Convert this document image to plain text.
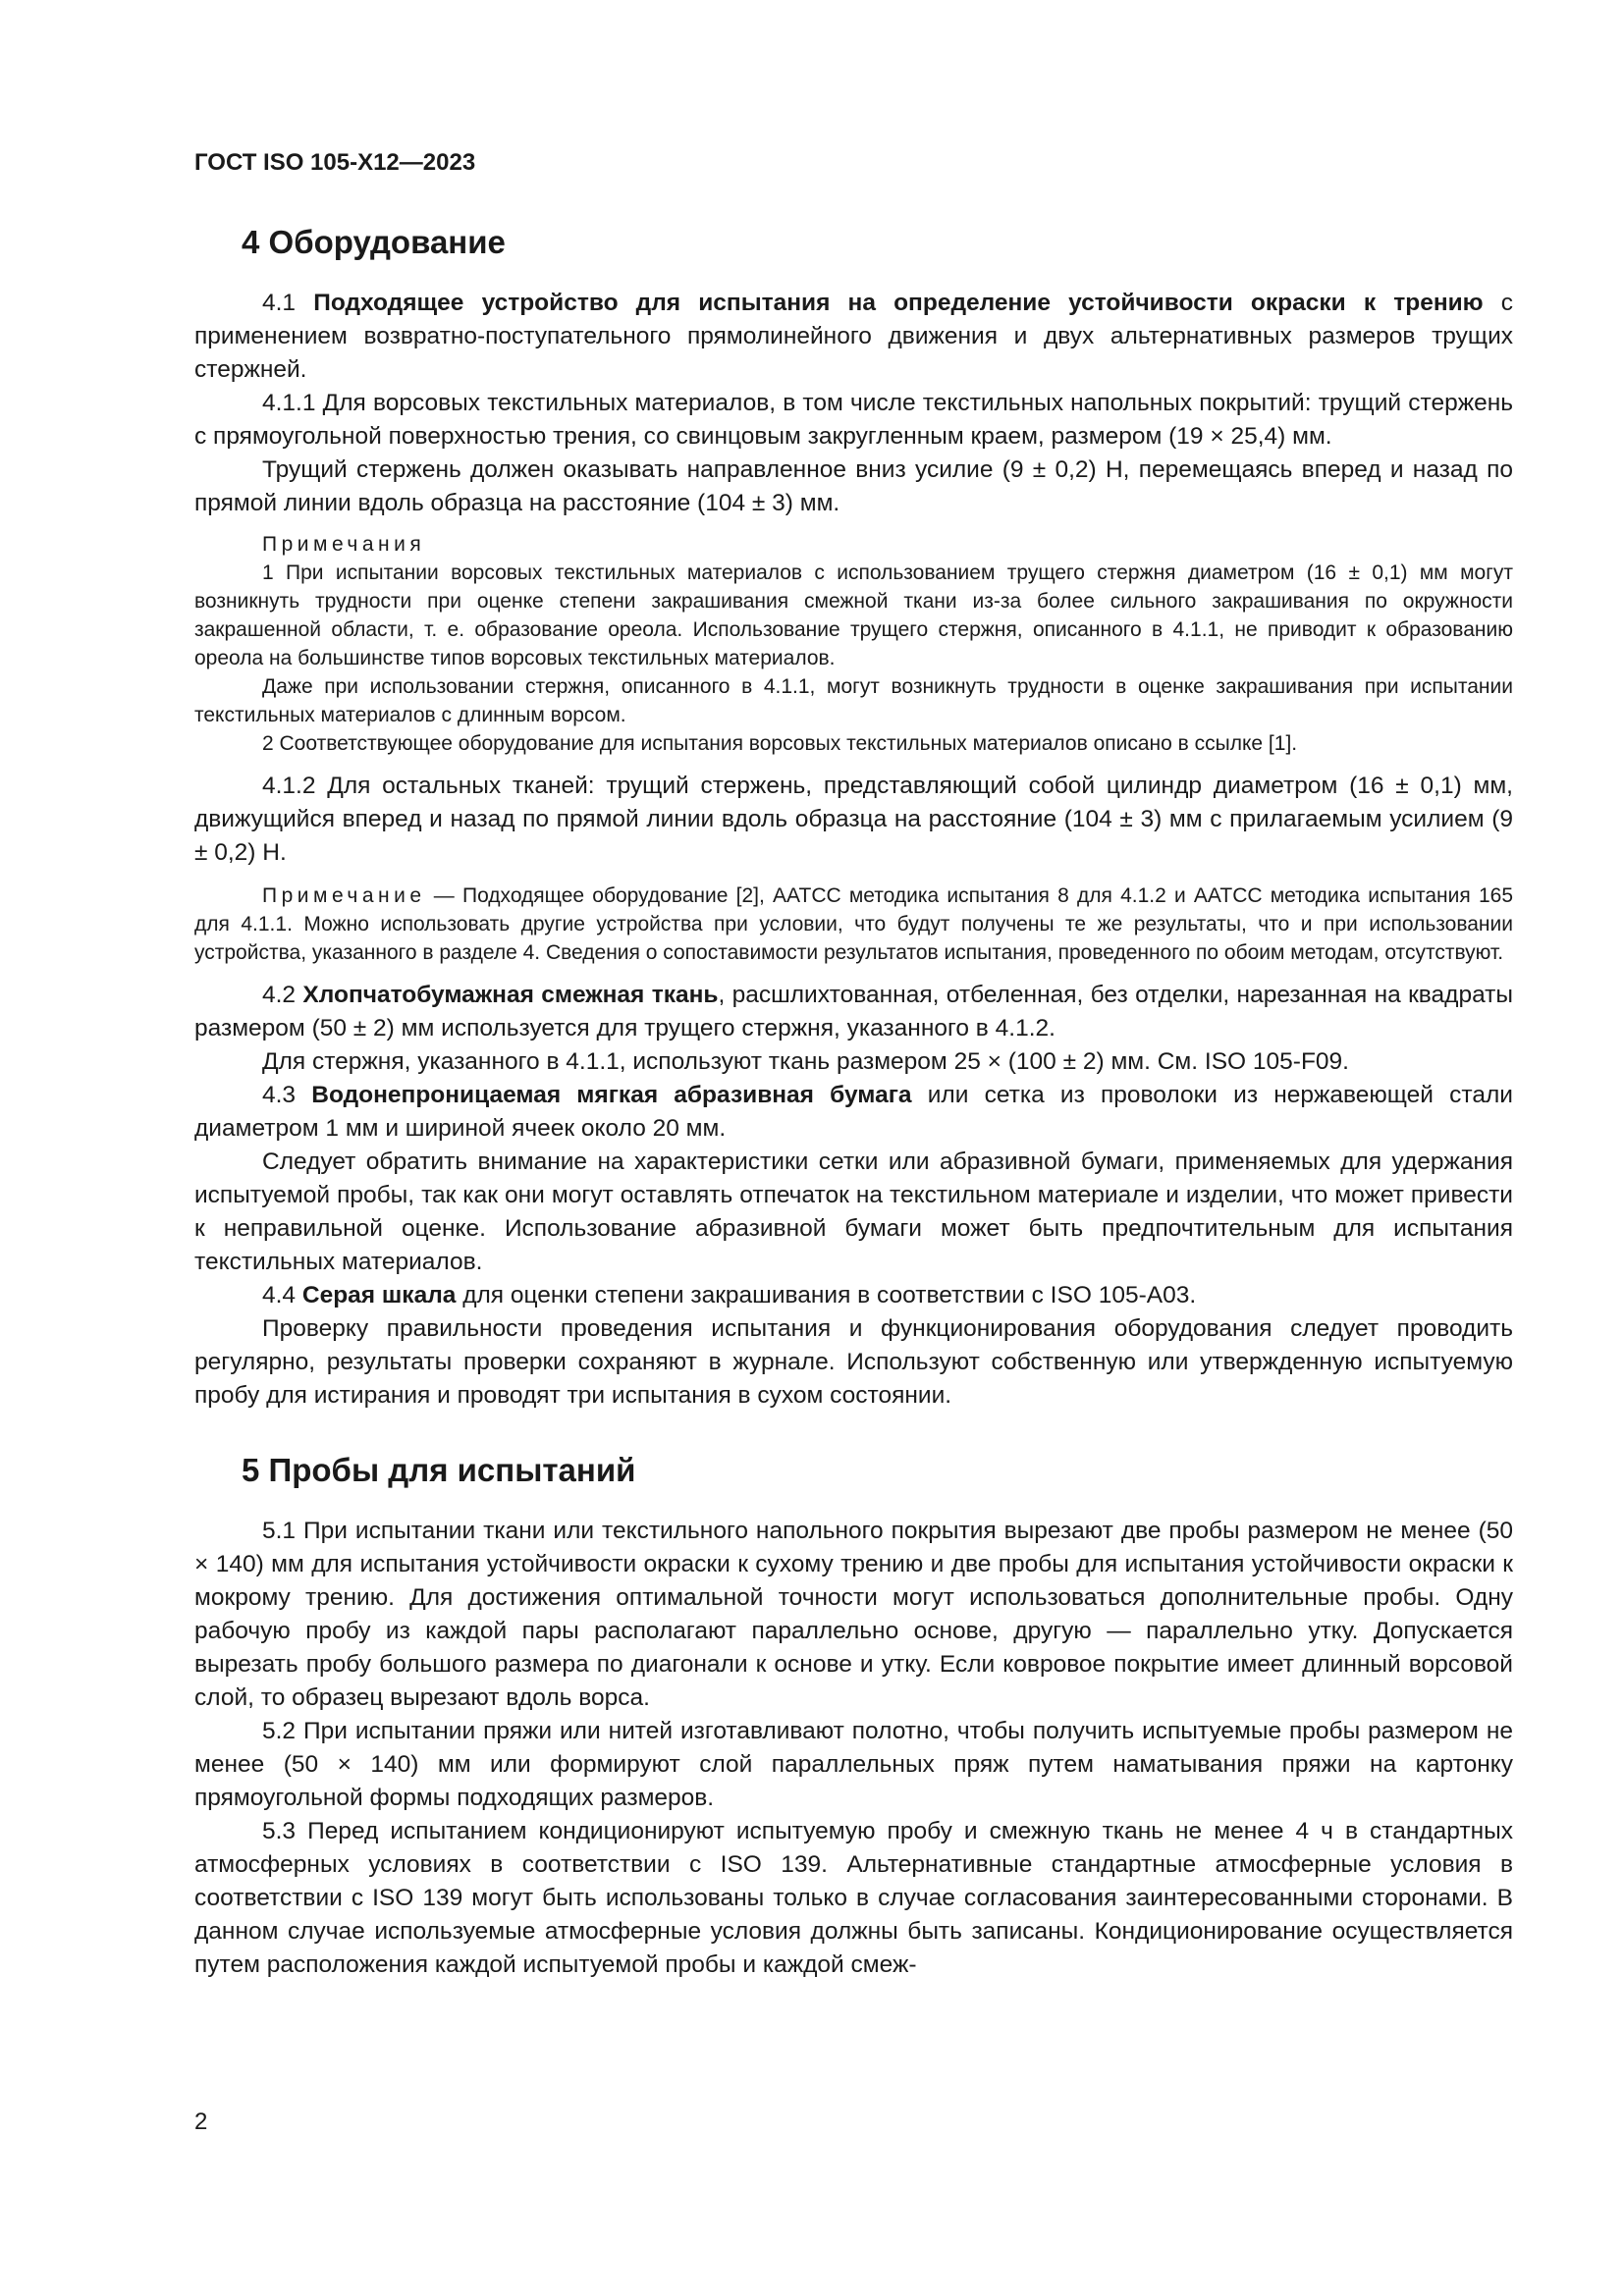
ГОСТ ISO 105-X12—2023
4 Оборудование

4.1 Подходящее устройство для испытания на определение устойчивости окраски к трению с применением возвратно-поступательного прямолинейного движения и двух альтернативных размеров трущих стержней.

4.1.1 Для ворсовых текстильных материалов, в том числе текстильных напольных покрытий: трущий стержень с прямоугольной поверхностью трения, со свинцовым закругленным краем, размером (19 × 25,4) мм.

Трущий стержень должен оказывать направленное вниз усилие (9 ± 0,2) Н, перемещаясь вперед и назад по прямой линии вдоль образца на расстояние (104 ± 3) мм.

Примечания

1 При испытании ворсовых текстильных материалов с использованием трущего стержня диаметром (16 ± 0,1) мм могут возникнуть трудности при оценке степени закрашивания смежной ткани из-за более сильного закрашивания по окружности закрашенной области, т. е. образование ореола. Использование трущего стержня, описанного в 4.1.1, не приводит к образованию ореола на большинстве типов ворсовых текстильных материалов.

Даже при использовании стержня, описанного в 4.1.1, могут возникнуть трудности в оценке закрашивания при испытании текстильных материалов с длинным ворсом.

2 Соответствующее оборудование для испытания ворсовых текстильных материалов описано в ссылке [1].

4.1.2 Для остальных тканей: трущий стержень, представляющий собой цилиндр диаметром (16 ± 0,1) мм, движущийся вперед и назад по прямой линии вдоль образца на расстояние (104 ± 3) мм с прилагаемым усилием (9 ± 0,2) Н.

Примечание — Подходящее оборудование [2], AATCC методика испытания 8 для 4.1.2 и AATCC методика испытания 165 для 4.1.1. Можно использовать другие устройства при условии, что будут получены те же результаты, что и при использовании устройства, указанного в разделе 4. Сведения о сопоставимости результатов испытания, проведенного по обоим методам, отсутствуют.

4.2 Хлопчатобумажная смежная ткань, расшлихтованная, отбеленная, без отделки, нарезанная на квадраты размером (50 ± 2) мм используется для трущего стержня, указанного в 4.1.2.

Для стержня, указанного в 4.1.1, используют ткань размером 25 × (100 ± 2) мм. См. ISO 105-F09.

4.3 Водонепроницаемая мягкая абразивная бумага или сетка из проволоки из нержавеющей стали диаметром 1 мм и шириной ячеек около 20 мм.

Следует обратить внимание на характеристики сетки или абразивной бумаги, применяемых для удержания испытуемой пробы, так как они могут оставлять отпечаток на текстильном материале и изделии, что может привести к неправильной оценке. Использование абразивной бумаги может быть предпочтительным для испытания текстильных материалов.

4.4 Серая шкала для оценки степени закрашивания в соответствии с ISO 105-A03.

Проверку правильности проведения испытания и функционирования оборудования следует проводить регулярно, результаты проверки сохраняют в журнале. Используют собственную или утвержденную испытуемую пробу для истирания и проводят три испытания в сухом состоянии.

5 Пробы для испытаний

5.1 При испытании ткани или текстильного напольного покрытия вырезают две пробы размером не менее (50 × 140) мм для испытания устойчивости окраски к сухому трению и две пробы для испытания устойчивости окраски к мокрому трению. Для достижения оптимальной точности могут использоваться дополнительные пробы. Одну рабочую пробу из каждой пары располагают параллельно основе, другую — параллельно утку. Допускается вырезать пробу большого размера по диагонали к основе и утку. Если ковровое покрытие имеет длинный ворсовой слой, то образец вырезают вдоль ворса.

5.2 При испытании пряжи или нитей изготавливают полотно, чтобы получить испытуемые пробы размером не менее (50 × 140) мм или формируют слой параллельных пряж путем наматывания пряжи на картонку прямоугольной формы подходящих размеров.

5.3 Перед испытанием кондиционируют испытуемую пробу и смежную ткань не менее 4 ч в стандартных атмосферных условиях в соответствии с ISO 139. Альтернативные стандартные атмосферные условия в соответствии с ISO 139 могут быть использованы только в случае согласования заинтересованными сторонами. В данном случае используемые атмосферные условия должны быть записаны. Кондиционирование осуществляется путем расположения каждой испытуемой пробы и каждой смеж-

2
